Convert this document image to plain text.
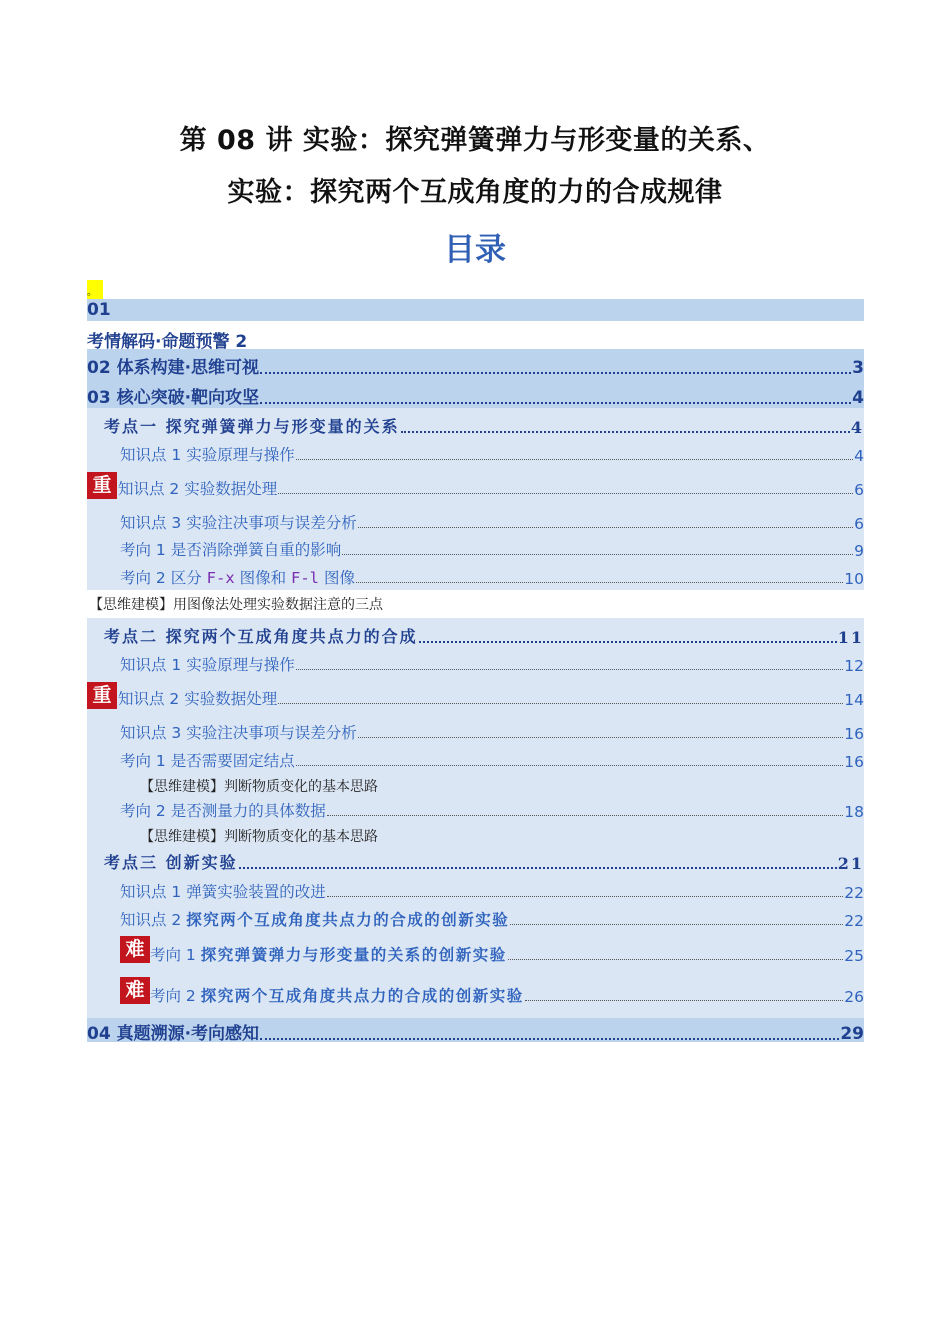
第 08 讲 实验：探究弹簧弹力与形变量的关系、
实验：探究两个互成角度的力的合成规律
目录
。
01
考情解码·命题预警 2
02 体系构建·思维可视	3
03 核心突破·靶向攻坚	4
考点一 探究弹簧弹力与形变量的关系	4
知识点 1 实验原理与操作	4
重 知识点 2 实验数据处理	6
知识点 3 实验注决事项与误差分析	6
考向 1 是否消除弹簧自重的影响	9
考向 2 区分 F-x 图像和 F-l 图像	10
【思维建模】用图像法处理实验数据注意的三点
考点二 探究两个互成角度共点力的合成	11
知识点 1 实验原理与操作	12
重 知识点 2 实验数据处理	14
知识点 3 实验注决事项与误差分析	16
考向 1 是否需要固定结点	16
【思维建模】判断物质变化的基本思路
考向 2 是否测量力的具体数据	18
【思维建模】判断物质变化的基本思路
考点三 创新实验	21
知识点 1 弹簧实验装置的改进	22
知识点 2 探究两个互成角度共点力的合成的创新实验	22
难 考向 1 探究弹簧弹力与形变量的关系的创新实验	25
难 考向 2 探究两个互成角度共点力的合成的创新实验	26
04 真题溯源·考向感知	29
